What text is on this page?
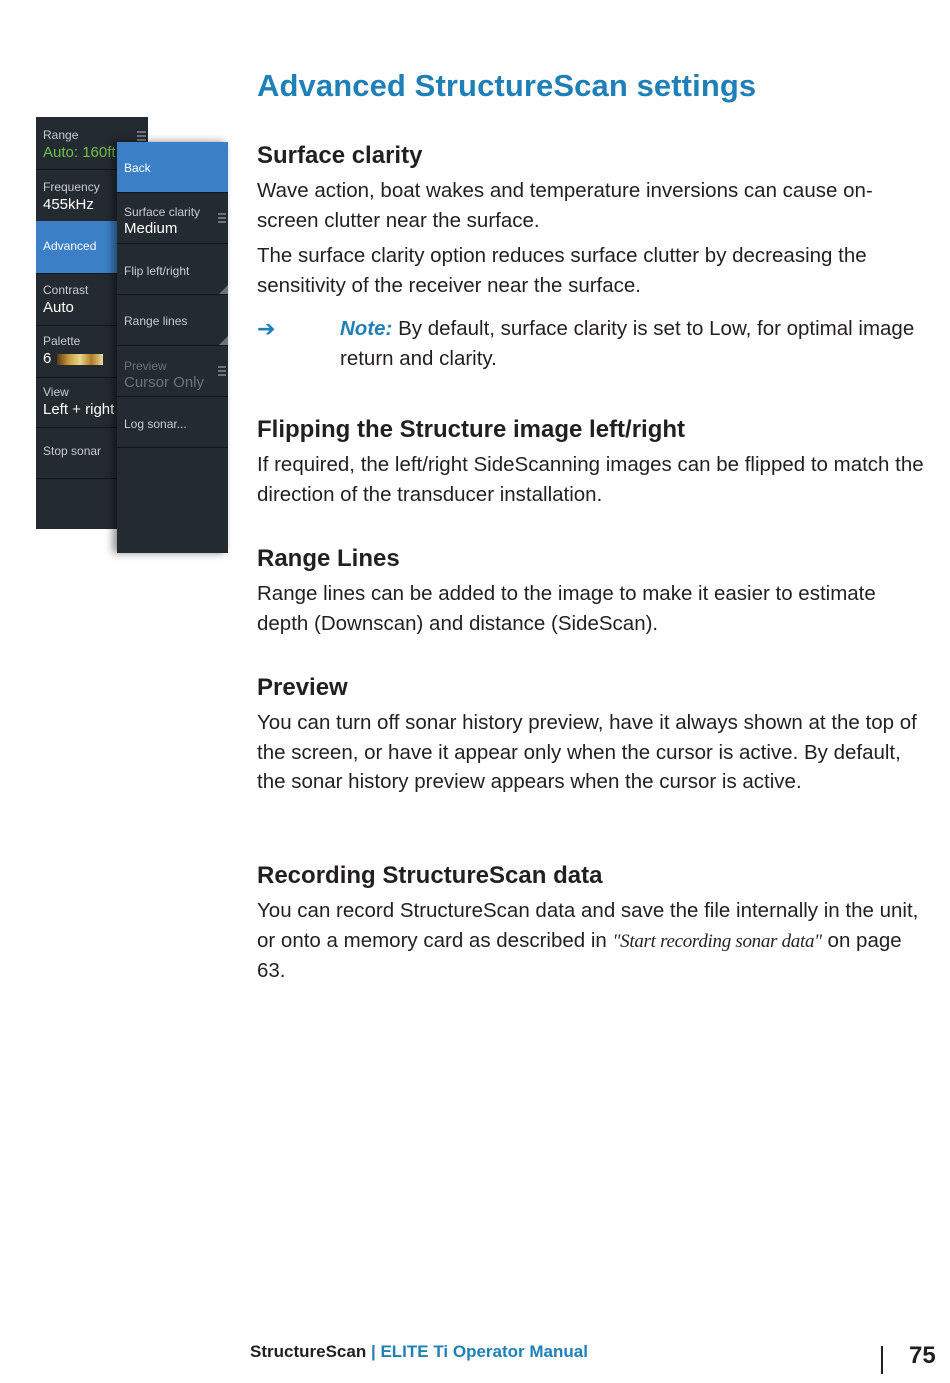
Range
Auto: 160ft
Frequency
455kHz
Advanced
Contrast
Auto
Palette
6
View
Left + right
Stop sonar
Back
Surface clarity
Medium
Flip left/right
Range lines
Preview
Cursor Only
Log sonar...
Advanced StructureScan settings
Surface clarity

Wave action, boat wakes and temperature inversions can cause on-screen clutter near the surface.

The surface clarity option reduces surface clutter by decreasing the sensitivity of the receiver near the surface.

➔	Note: By default, surface clarity is set to Low, for optimal image return and clarity.

Flipping the Structure image left/right

If required, the left/right SideScanning images can be flipped to match the direction of the transducer installation.

Range Lines

Range lines can be added to the image to make it easier to estimate depth (Downscan) and distance (SideScan).

Preview

You can turn off sonar history preview, have it always shown at the top of the screen, or have it appear only when the cursor is active. By default, the sonar history preview appears when the cursor is active.

Recording StructureScan data

You can record StructureScan data and save the file internally in the unit, or onto a memory card as described in "Start recording sonar data" on page 63.

StructureScan | ELITE Ti Operator Manual	75
